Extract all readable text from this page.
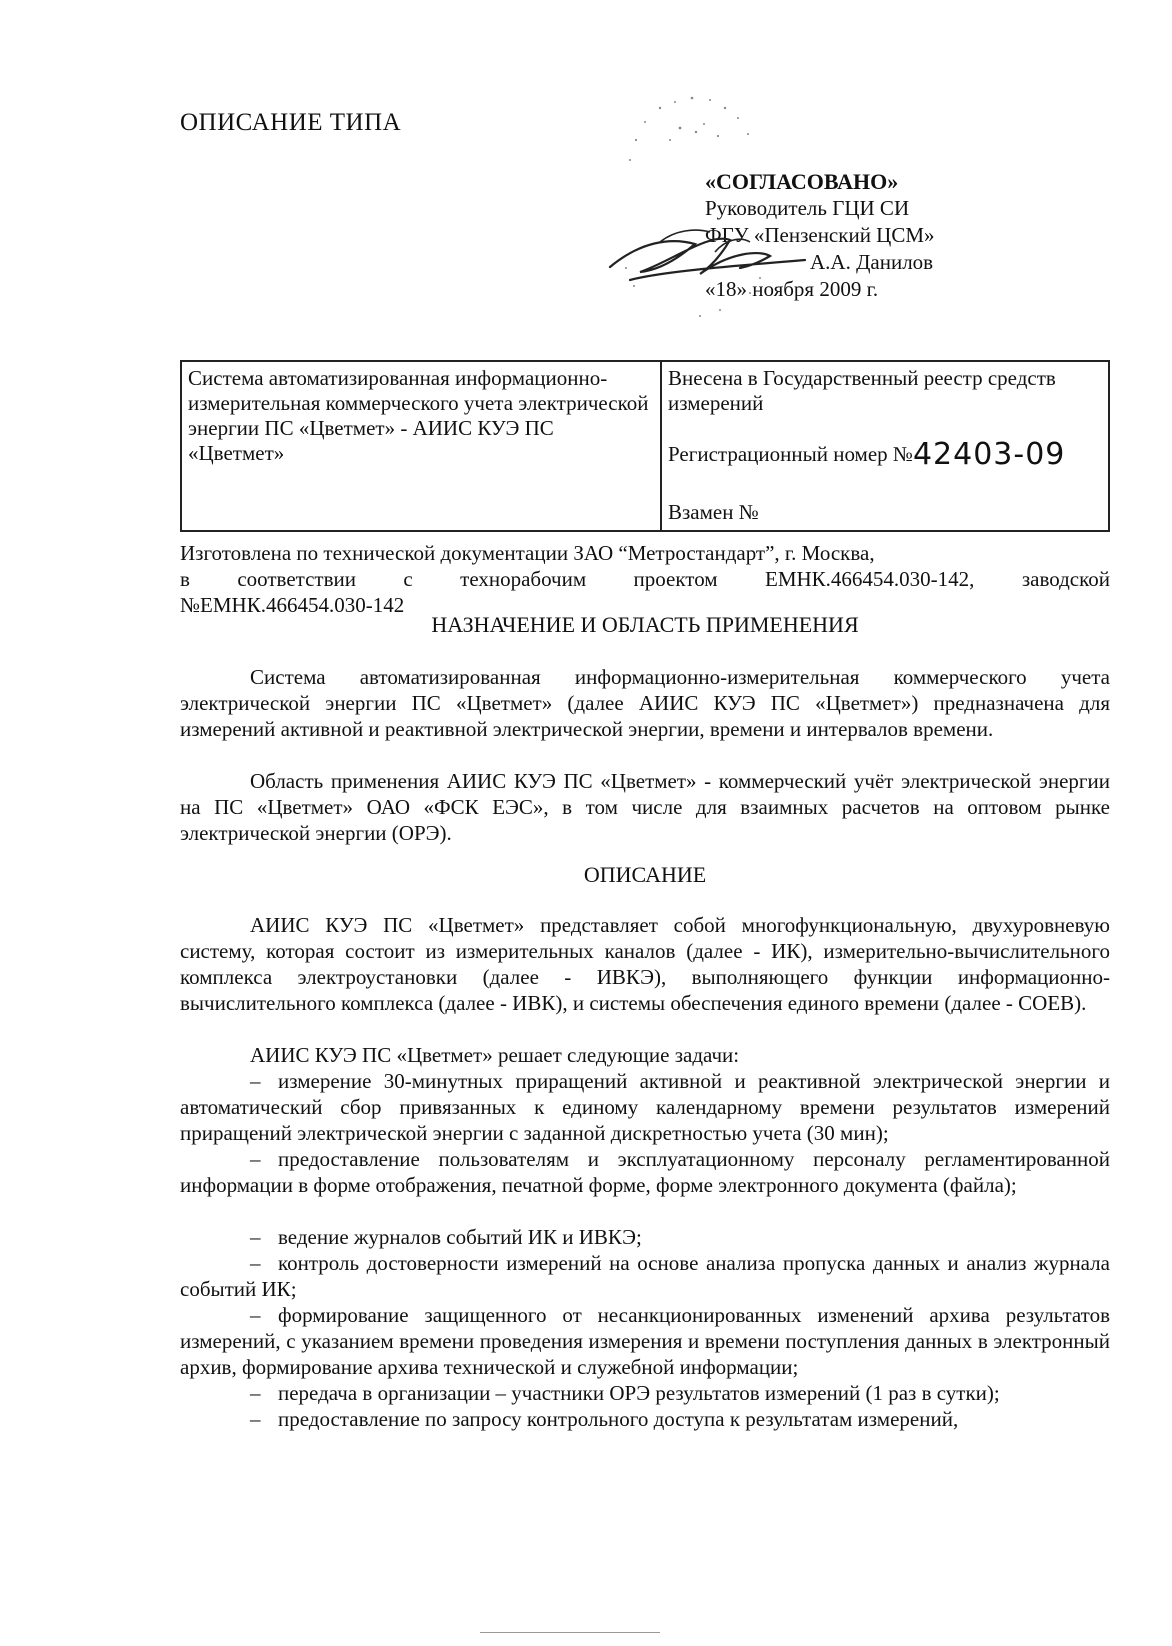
ОПИСАНИЕ ТИПА
«СОГЛАСОВАНО»
Руководитель ГЦИ СИ
ФГУ «Пензенский ЦСМ»
А.А. Данилов
«18» ноября 2009 г.
Система автоматизированная информационно-измерительная коммерческого учета электрической энергии ПС «Цветмет» - АИИС КУЭ ПС «Цветмет»
Внесена в Государственный реестр средств измерений
Регистрационный номер №42403-09
Взамен №
Изготовлена по технической документации ЗАО “Метростандарт”, г. Москва,
в соответствии с технорабочим проектом ЕМНК.466454.030-142, заводской
№ЕМНК.466454.030-142
НАЗНАЧЕНИЕ И ОБЛАСТЬ ПРИМЕНЕНИЯ
Система автоматизированная информационно-измерительная коммерческого учета электрической энергии ПС «Цветмет» (далее АИИС КУЭ ПС «Цветмет») предназначена для измерений активной и реактивной электрической энергии, времени и интервалов времени.
Область применения АИИС КУЭ ПС «Цветмет» - коммерческий учёт электрической энергии на ПС «Цветмет» ОАО «ФСК ЕЭС», в том числе для взаимных расчетов на оптовом рынке электрической энергии (ОРЭ).
ОПИСАНИЕ
АИИС КУЭ ПС «Цветмет» представляет собой многофункциональную, двухуровневую систему, которая состоит из измерительных каналов (далее - ИК), измерительно-вычислительного комплекса электроустановки (далее - ИВКЭ), выполняющего функции информационно-вычислительного комплекса (далее - ИВК), и системы обеспечения единого времени (далее - СОЕВ).
АИИС КУЭ ПС «Цветмет» решает следующие задачи:
– измерение 30-минутных приращений активной и реактивной электрической энергии и автоматический сбор привязанных к единому календарному времени результатов измерений приращений электрической энергии с заданной дискретностью учета (30 мин);
– предоставление пользователям и эксплуатационному персоналу регламентированной информации в форме отображения, печатной форме, форме электронного документа (файла);
– ведение журналов событий ИК и ИВКЭ;
– контроль достоверности измерений на основе анализа пропуска данных и анализ журнала событий ИК;
– формирование защищенного от несанкционированных изменений архива результатов измерений, с указанием времени проведения измерения и времени поступления данных в электронный архив, формирование архива технической и служебной информации;
– передача в организации – участники ОРЭ результатов измерений (1 раз в сутки);
– предоставление по запросу контрольного доступа к результатам измерений,
